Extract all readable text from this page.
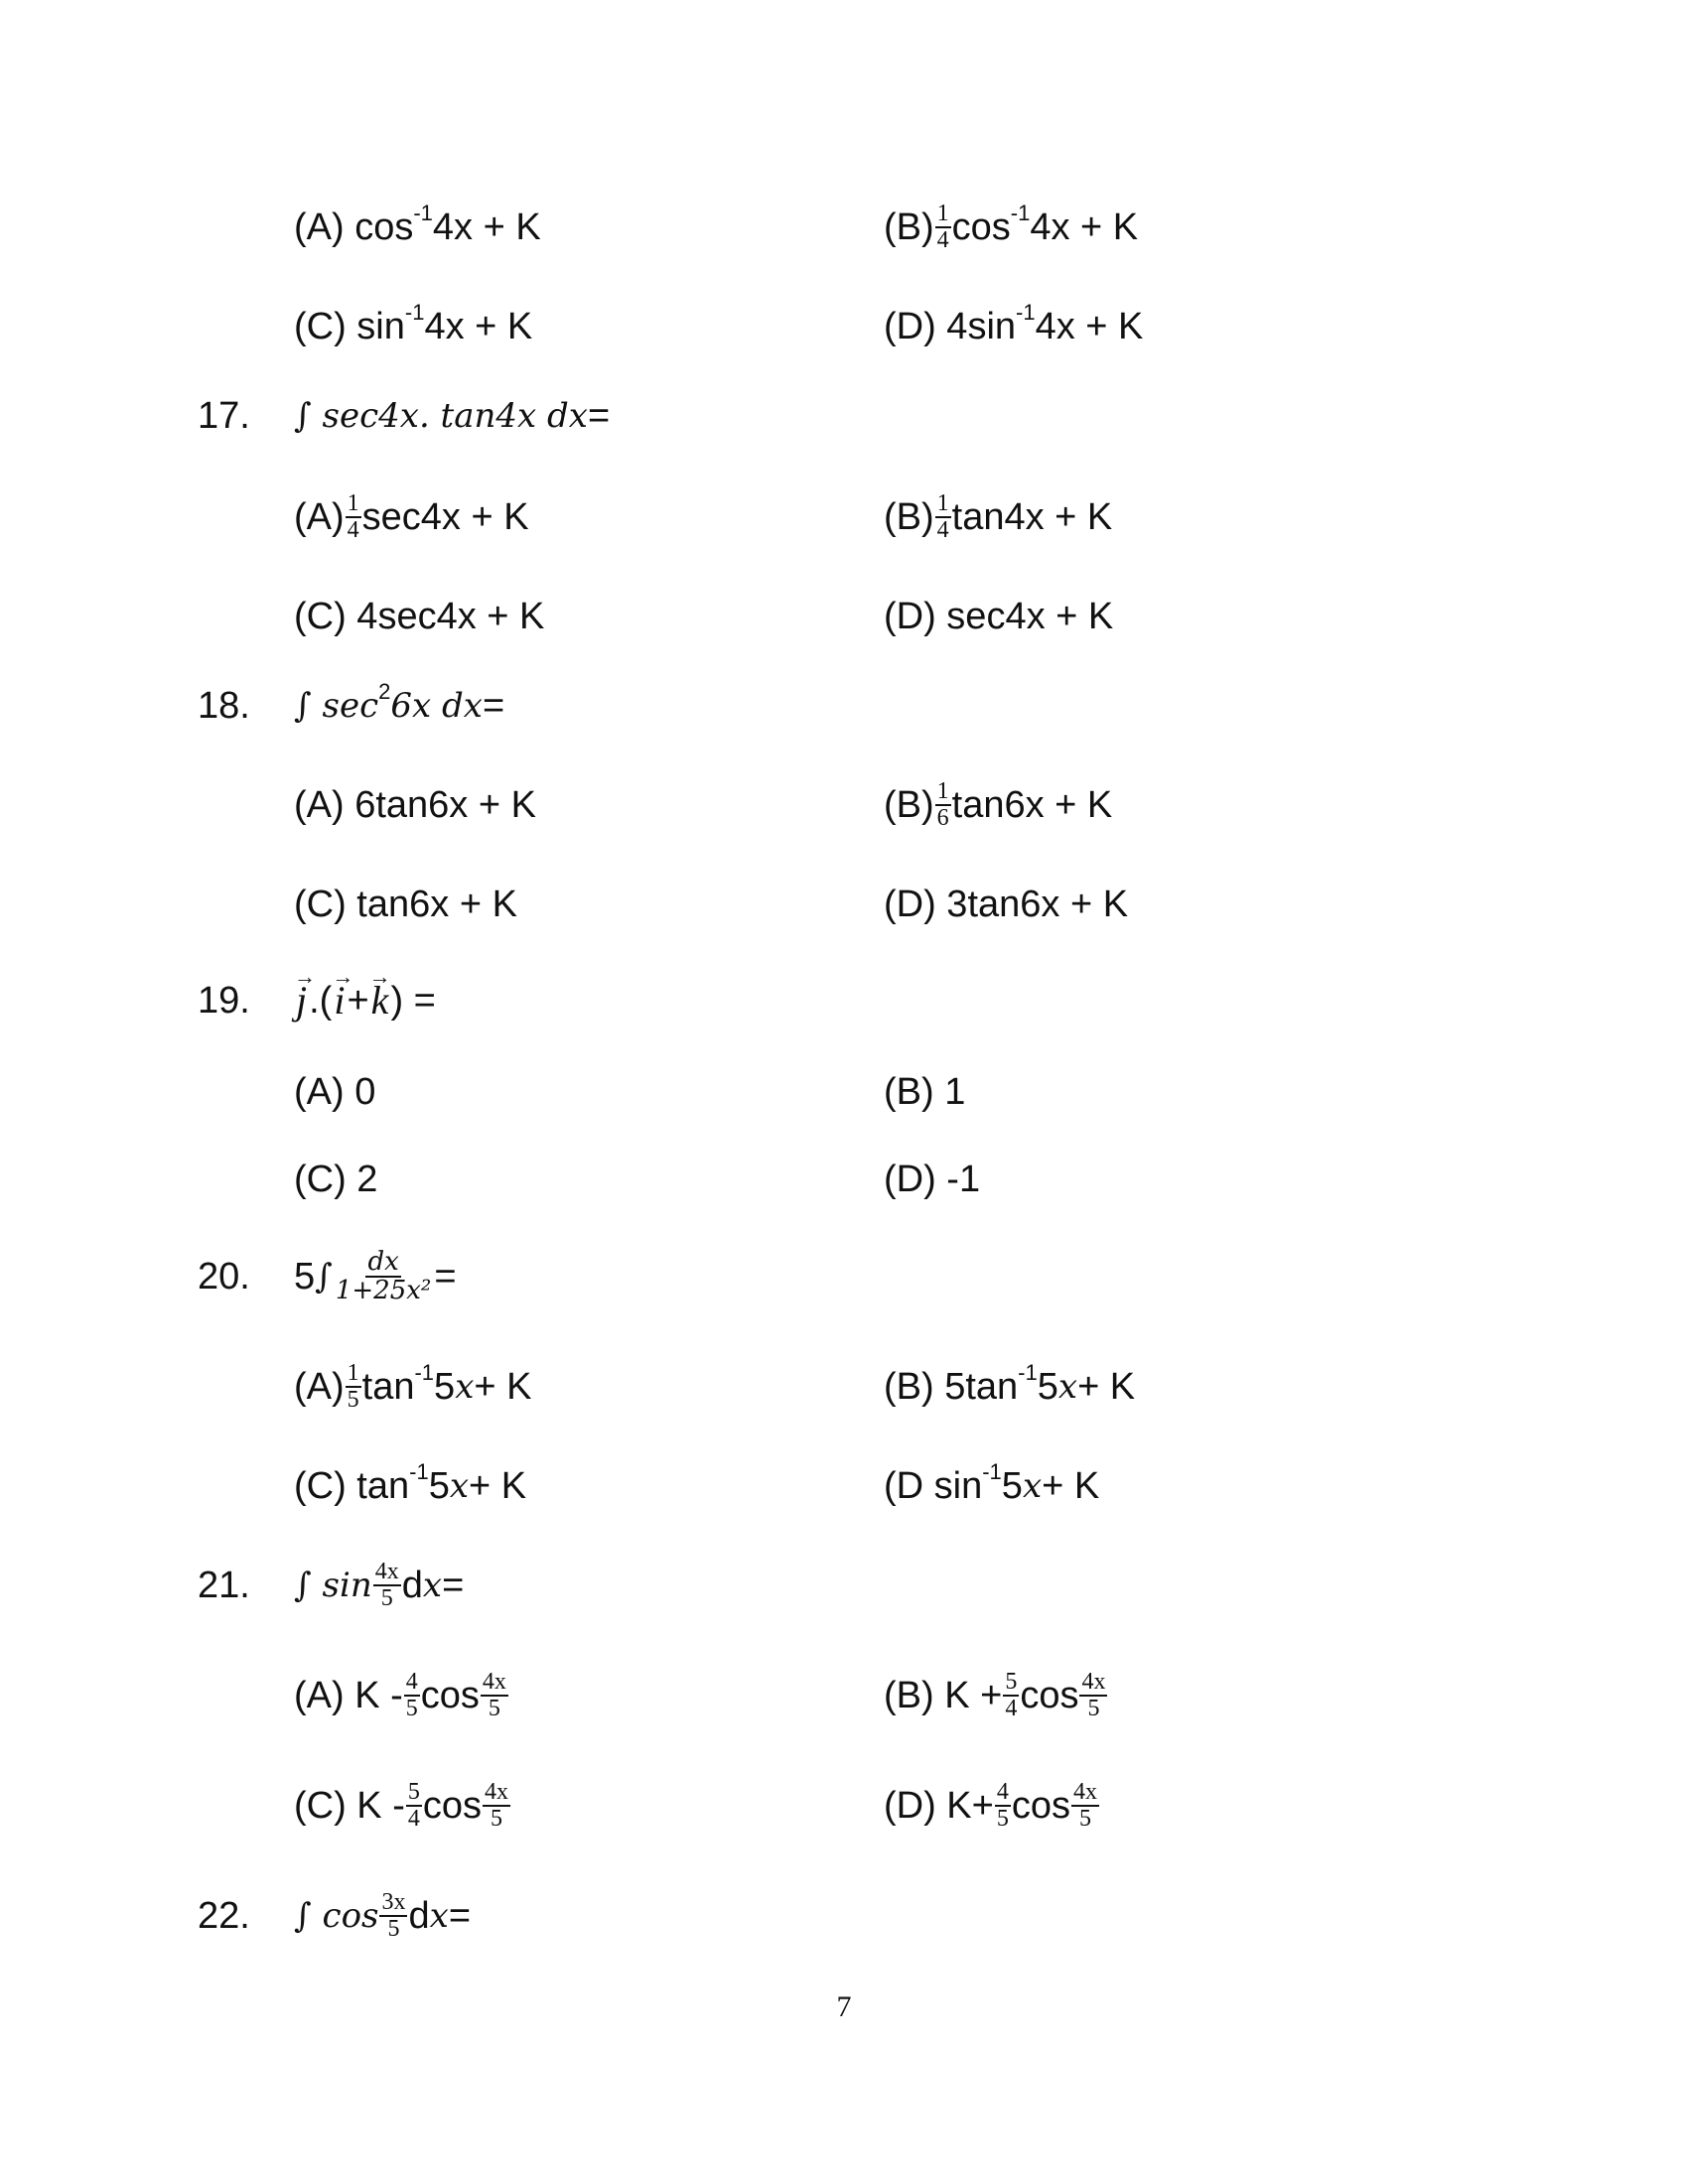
(A) cos -1 4x + K	$(B) \frac{1}{4}$ cos -1 4x + K
(C) sin -1 4x + K	(D) 4sin -1 4x + K
17. ∫ sec4x. tan4x dx =
$(A) \frac{1}{4} \sec 4x + K$	$(B) \frac{1}{4} \tan 4x + K$
(C) 4sec4x + K	(D) sec4x + K
18. ∫ sec 2 6x dx =
(A) 6tan6x + K	$(B) \frac{1}{6} \tan 6x + K$
(C) tan6x + K	(D) 3tan6x + K
19. j → .( i → + k → ) =
(A) 0	(B) 1
(C) 2	(D) -1
20. 5 ∫ $\frac{dx}{\text{1+25x²}}$ =
$(A) \frac{1}{5}$ tan -1 5 x + K	(B) 5tan -1 5 x + K
(C) tan -1 5 x + K	(D sin -1 5 x + K
21. ∫ $\sin \frac{4x}{5}$ d x =
(A) K - $\frac{4}{5}$ $\cos \frac{4x}{5}$	(B) $K + \frac{5}{4}$ $\cos \frac{4x}{5}$
(C) K - $\frac{5}{4}$ $\cos \frac{4x}{5}$	(D) $K+ \frac{4}{5}$ $\cos \frac{4x}{5}$
22. ∫ $\cos \frac{3x}{5}$ d x =
7
